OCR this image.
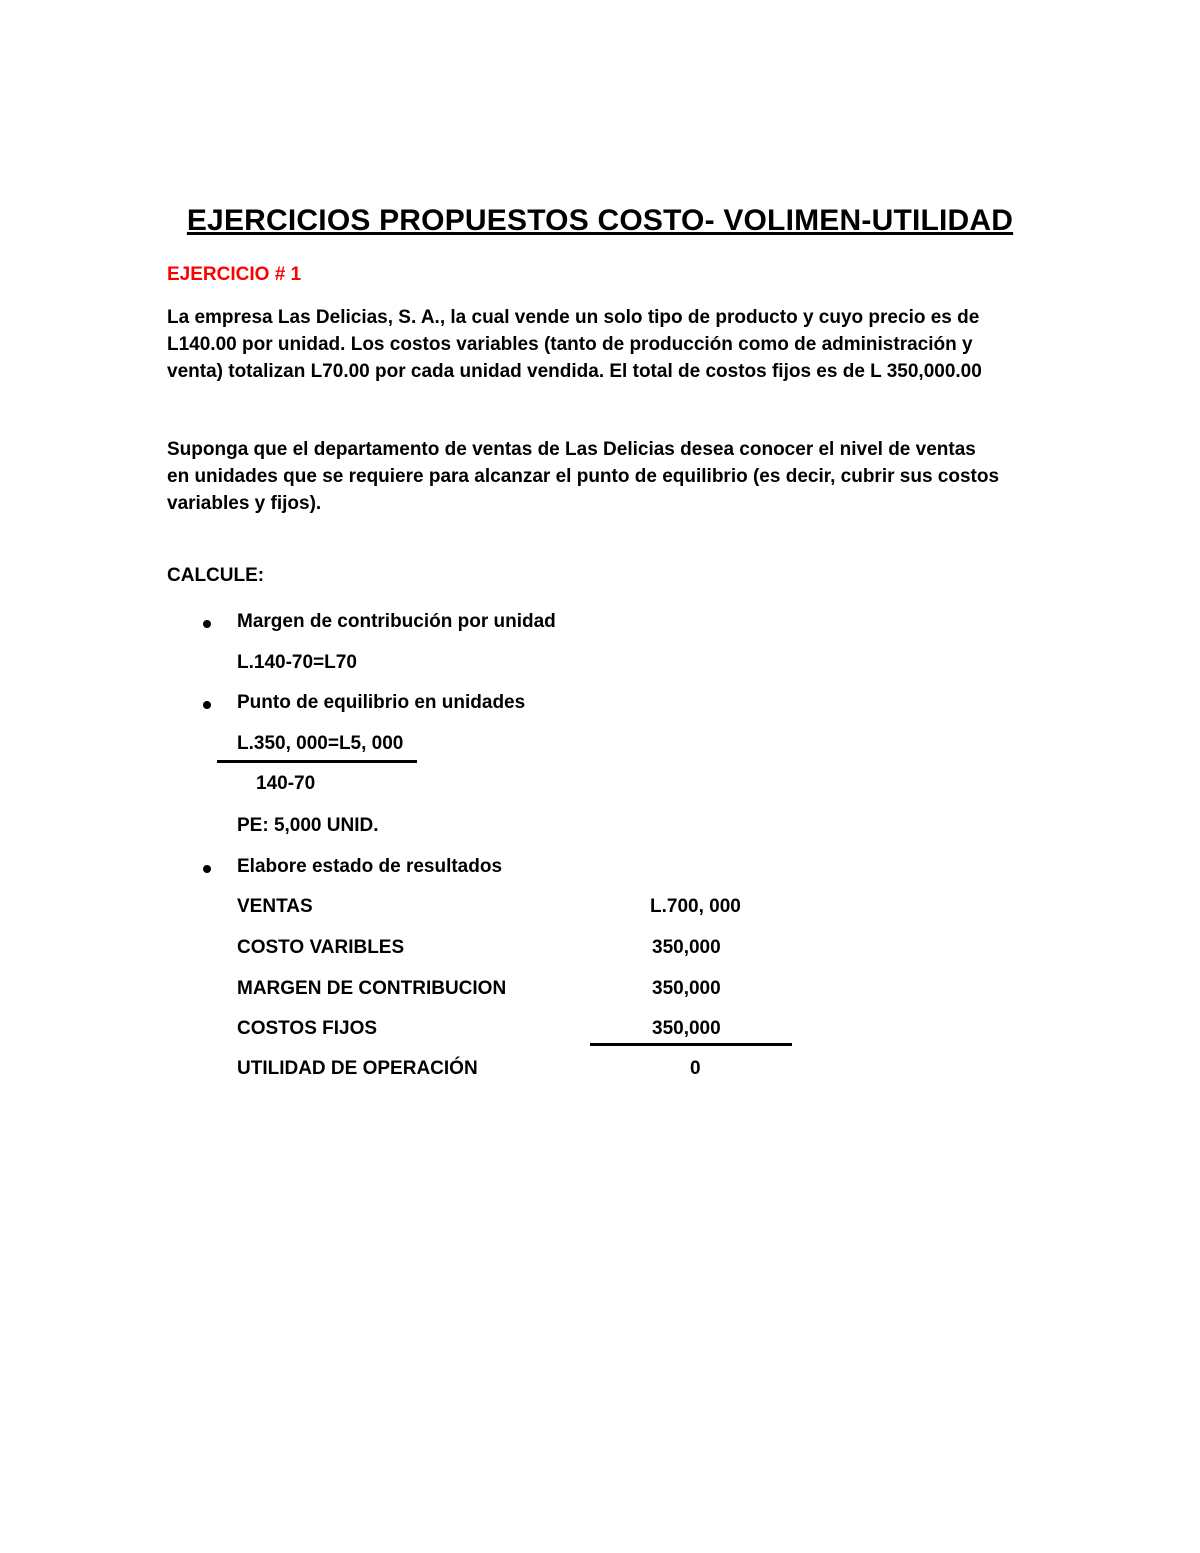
EJERCICIOS PROPUESTOS COSTO- VOLIMEN-UTILIDAD
EJERCICIO # 1
La empresa Las Delicias, S. A., la cual vende un solo tipo de producto y cuyo precio es de
L140.00 por unidad. Los costos variables (tanto de producción como de administración y
venta) totalizan L70.00 por cada unidad vendida. El total de costos fijos es de L 350,000.00
Suponga que el departamento de ventas de Las Delicias desea conocer el nivel de ventas
en unidades que se requiere para alcanzar el punto de equilibrio (es decir, cubrir sus costos
variables y fijos).
CALCULE:
Margen de contribución por unidad
L.140-70=L70
Punto de equilibrio en unidades
L.350, 000=L5, 000
140-70
PE: 5,000 UNID.
Elabore estado de resultados
VENTAS	L.700, 000
COSTO VARIBLES	350,000
MARGEN DE CONTRIBUCION	350,000
COSTOS FIJOS	350,000
UTILIDAD DE OPERACIÓN	0
